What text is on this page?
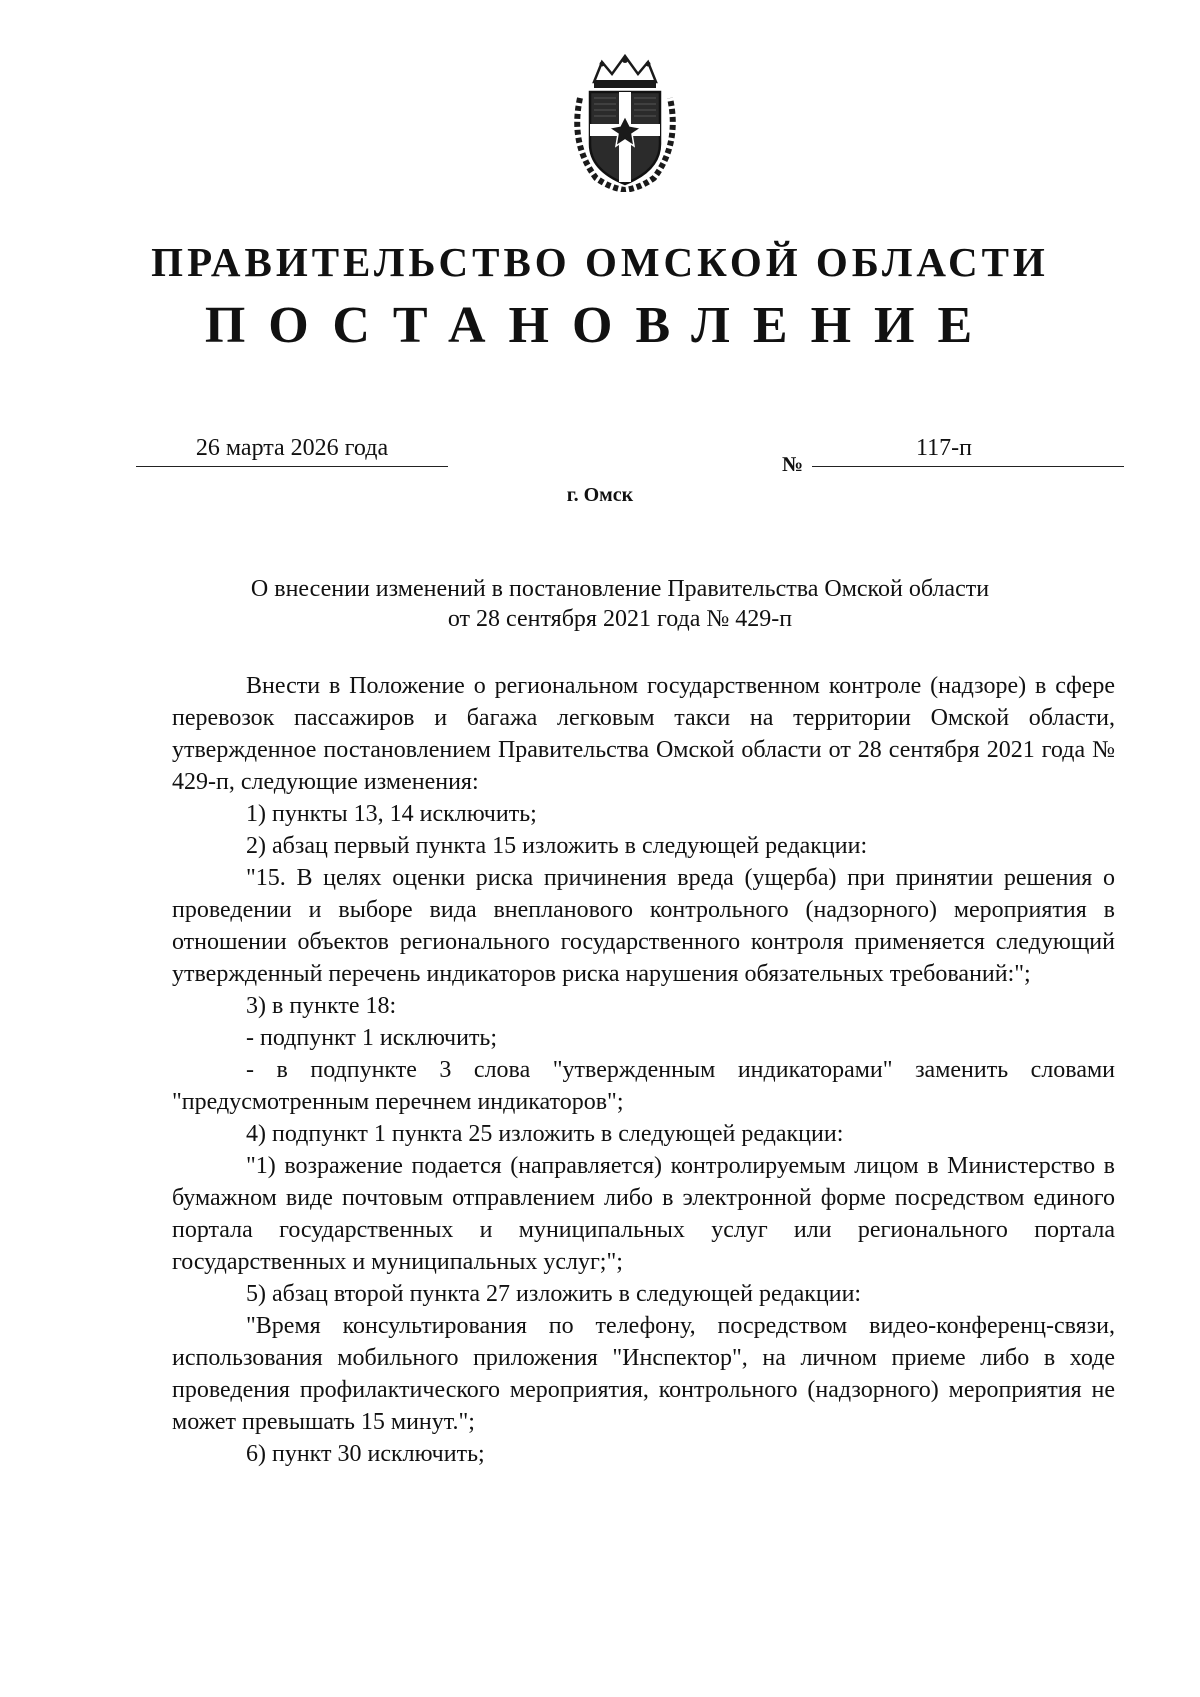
ПРАВИТЕЛЬСТВО ОМСКОЙ ОБЛАСТИ
ПОСТАНОВЛЕНИЕ
26 марта 2026 года
№
117-п
г. Омск
О внесении изменений в постановление Правительства Омской области
от 28 сентября 2021 года № 429-п

Внести в Положение о региональном государственном контроле (надзоре) в сфере перевозок пассажиров и багажа легковым такси на территории Омской области, утвержденное постановлением Правительства Омской области от 28 сентября 2021 года № 429-п, следующие изменения:

1) пункты 13, 14 исключить;

2) абзац первый пункта 15 изложить в следующей редакции:

"15. В целях оценки риска причинения вреда (ущерба) при принятии решения о проведении и выборе вида внепланового контрольного (надзорного) мероприятия в отношении объектов регионального государственного контроля применяется следующий утвержденный перечень индикаторов риска нарушения обязательных требований:";

3) в пункте 18:

- подпункт 1 исключить;

- в подпункте 3 слова "утвержденным индикаторами" заменить словами "предусмотренным перечнем индикаторов";

4) подпункт 1 пункта 25 изложить в следующей редакции:

"1) возражение подается (направляется) контролируемым лицом в Министерство в бумажном виде почтовым отправлением либо в электронной форме посредством единого портала государственных и муниципальных услуг или регионального портала государственных и муниципальных услуг;";

5) абзац второй пункта 27 изложить в следующей редакции:

"Время консультирования по телефону, посредством видео-конференц-связи, использования мобильного приложения "Инспектор", на личном приеме либо в ходе проведения профилактического мероприятия, контрольного (надзорного) мероприятия не может превышать 15 минут.";

6) пункт 30 исключить;
